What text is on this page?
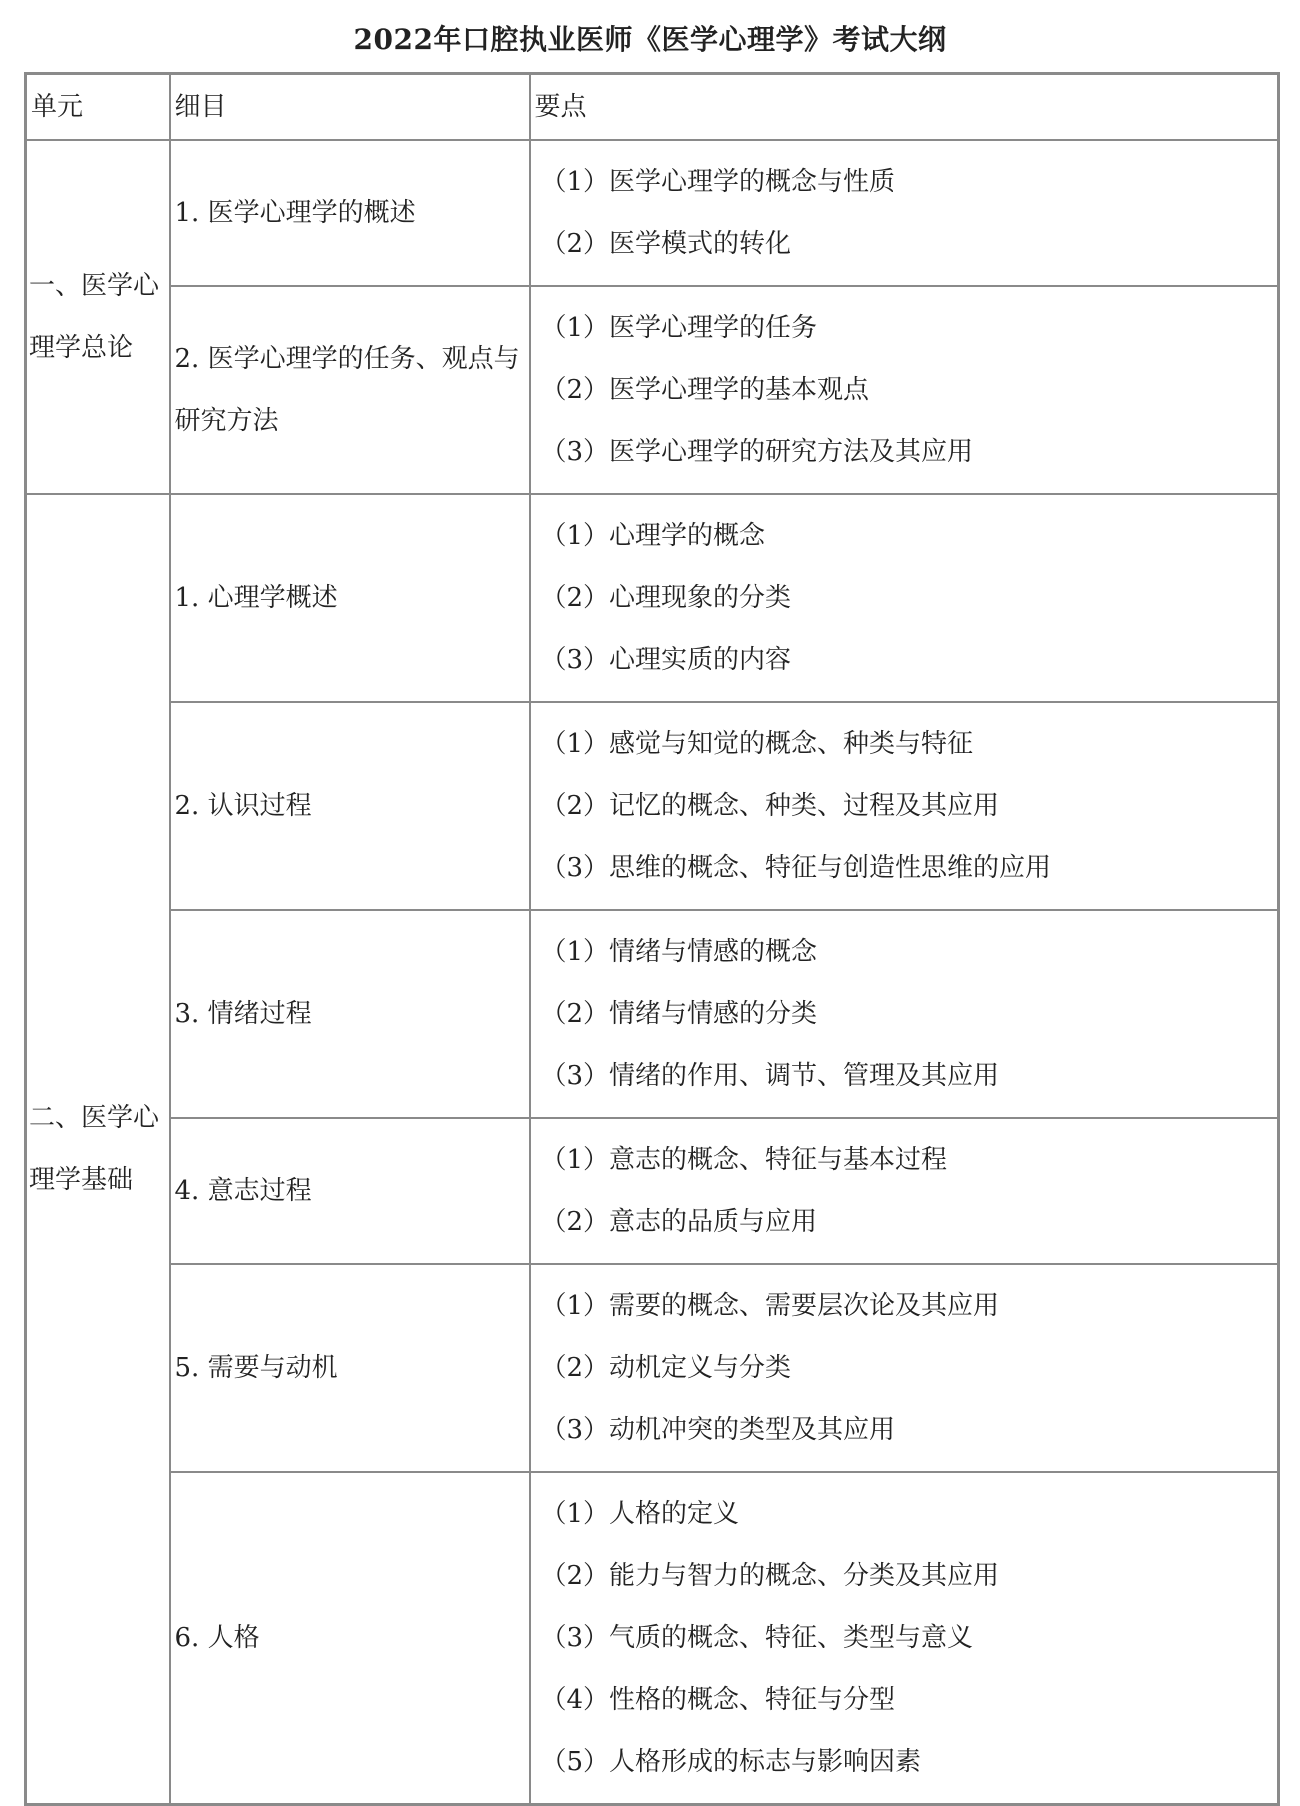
2022年口腔执业医师《医学心理学》考试大纲
单元	细目	要点
一、医学心理学总论	1. 医学心理学的概述	（1）医学心理学的概念与性质
（2）医学模式的转化

	2. 医学心理学的任务、观点与研究方法	（1）医学心理学的任务
（2）医学心理学的基本观点
（3）医学心理学的研究方法及其应用

二、医学心理学基础	1. 心理学概述	（1）心理学的概念
（2）心理现象的分类
（3）心理实质的内容

	2. 认识过程	（1）感觉与知觉的概念、种类与特征
（2）记忆的概念、种类、过程及其应用
（3）思维的概念、特征与创造性思维的应用

	3. 情绪过程	（1）情绪与情感的概念
（2）情绪与情感的分类
（3）情绪的作用、调节、管理及其应用

	4. 意志过程	（1）意志的概念、特征与基本过程
（2）意志的品质与应用

	5. 需要与动机	（1）需要的概念、需要层次论及其应用
（2）动机定义与分类
（3）动机冲突的类型及其应用

	6. 人格	（1）人格的定义
（2）能力与智力的概念、分类及其应用
（3）气质的概念、特征、类型与意义
（4）性格的概念、特征与分型
（5）人格形成的标志与影响因素
